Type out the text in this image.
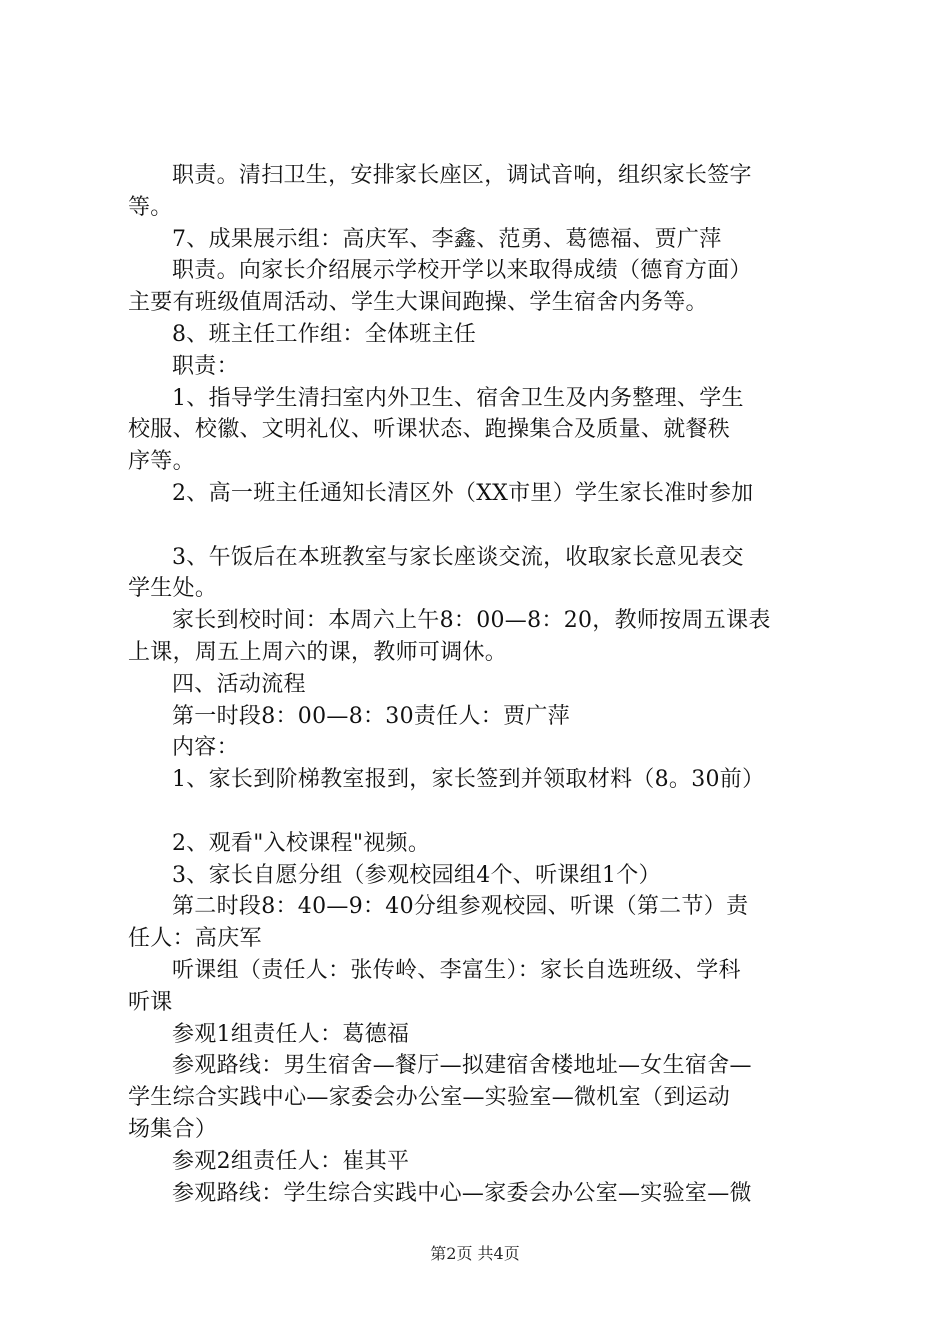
职责。清扫卫生，安排家长座区，调试音响，组织家长签字
等。

7、成果展示组：高庆军、李鑫、范勇、葛德福、贾广萍

职责。向家长介绍展示学校开学以来取得成绩（德育方面）
主要有班级值周活动、学生大课间跑操、学生宿舍内务等。

8、班主任工作组：全体班主任

职责：

1、指导学生清扫室内外卫生、宿舍卫生及内务整理、学生
校服、校徽、文明礼仪、听课状态、跑操集合及质量、就餐秩
序等。

2、高一班主任通知长清区外（XX市里）学生家长准时参加

3、午饭后在本班教室与家长座谈交流，收取家长意见表交
学生处。

家长到校时间：本周六上午8：00—8：20，教师按周五课表
上课，周五上周六的课，教师可调休。

四、活动流程

第一时段8：00—8：30责任人：贾广萍

内容：

1、家长到阶梯教室报到，家长签到并领取材料（8。30前）

2、观看"入校课程"视频。

3、家长自愿分组（参观校园组4个、听课组1个）

第二时段8：40—9：40分组参观校园、听课（第二节）责
任人：高庆军

听课组（责任人：张传岭、李富生）：家长自选班级、学科
听课

参观1组责任人：葛德福

参观路线：男生宿舍—餐厅—拟建宿舍楼地址—女生宿舍—
学生综合实践中心—家委会办公室—实验室—微机室（到运动
场集合）

参观2组责任人：崔其平

参观路线：学生综合实践中心—家委会办公室—实验室—微

第2页 共4页
